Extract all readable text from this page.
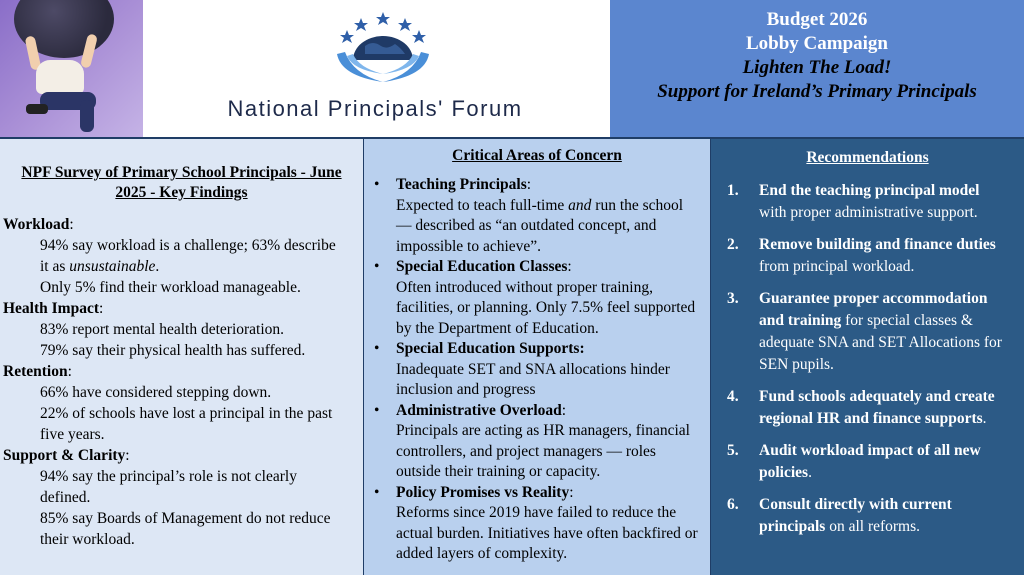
National Principals' Forum
Budget 2026
Lobby Campaign
Lighten The Load!
Support for Ireland’s Primary Principals
NPF Survey of Primary School Principals - June 2025 - Key Findings
Workload:
94% say workload is a challenge; 63% describe it as unsustainable.
Only 5% find their workload manageable.
Health Impact:
83% report mental health deterioration.
79% say their physical health has suffered.
Retention:
66% have considered stepping down.
22% of schools have lost a principal in the past five years.
Support & Clarity:
94% say the principal’s role is not clearly defined.
85% say Boards of Management do not reduce their workload.
Critical Areas of Concern
• Teaching Principals:
Expected to teach full-time and run the school — described as “an outdated concept, and impossible to achieve”.
• Special Education Classes:
Often introduced without proper training, facilities, or planning. Only 7.5% feel supported by the Department of Education.
• Special Education Supports:
Inadequate SET and SNA allocations hinder inclusion and progress
• Administrative Overload:
Principals are acting as HR managers, financial controllers, and project managers — roles outside their training or capacity.
• Policy Promises vs Reality:
Reforms since 2019 have failed to reduce the actual burden. Initiatives have often backfired or added layers of complexity.
Recommendations
1. End the teaching principal model with proper administrative support.
2. Remove building and finance duties from principal workload.
3. Guarantee proper accommodation and training for special classes & adequate SNA and SET Allocations for SEN pupils.
4. Fund schools adequately and create regional HR and finance supports.
5. Audit workload impact of all new policies.
6. Consult directly with current principals on all reforms.
